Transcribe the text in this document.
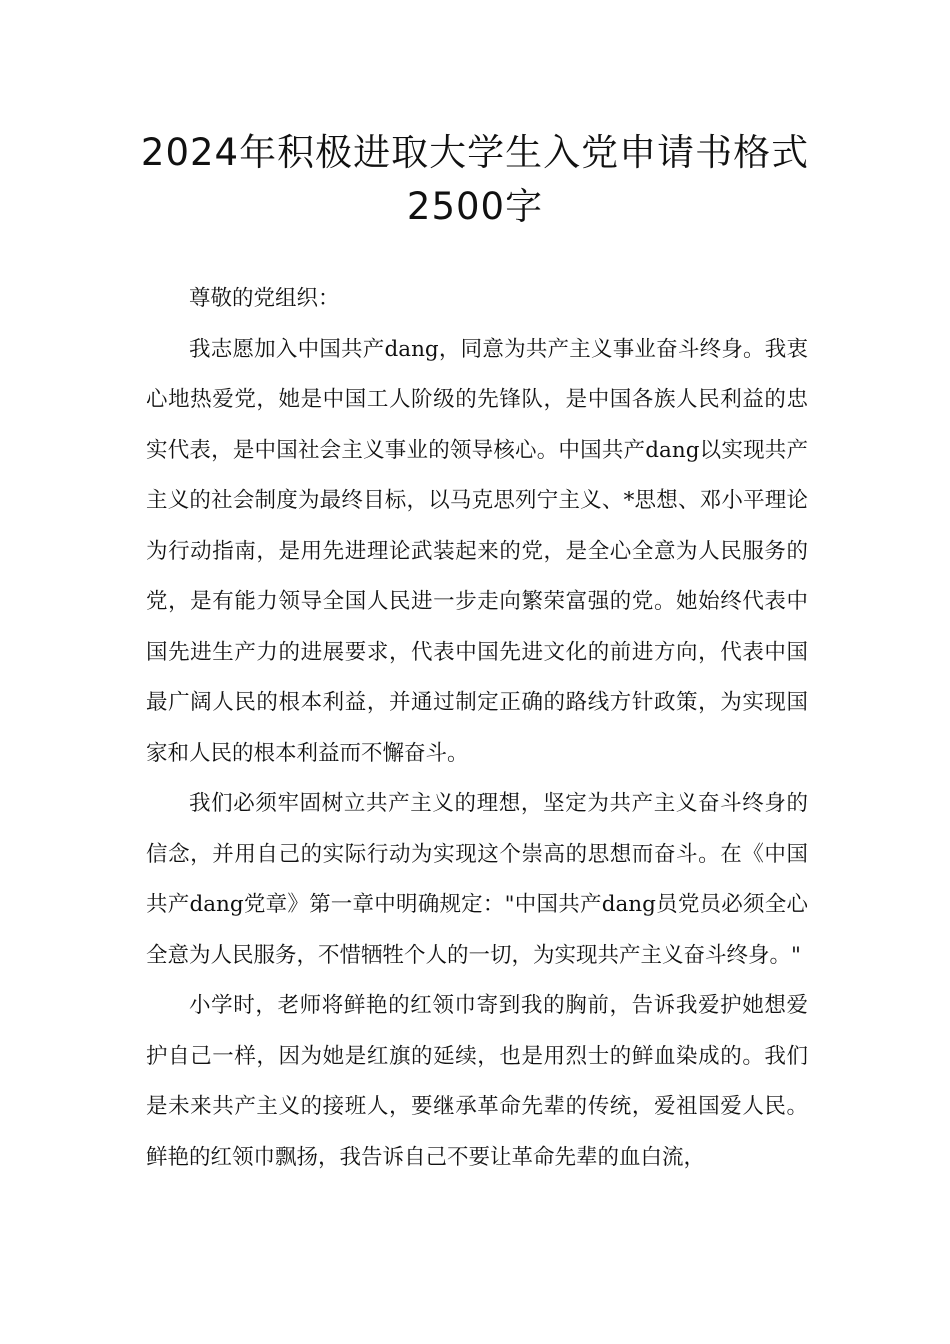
2024年积极进取大学生入党申请书格式
2500字

尊敬的党组织：

我志愿加入中国共产dang，同意为共产主义事业奋斗终身。我衷心地热爱党，她是中国工人阶级的先锋队，是中国各族人民利益的忠实代表，是中国社会主义事业的领导核心。中国共产dang以实现共产主义的社会制度为最终目标，以马克思列宁主义、*思想、邓小平理论为行动指南，是用先进理论武装起来的党，是全心全意为人民服务的党，是有能力领导全国人民进一步走向繁荣富强的党。她始终代表中国先进生产力的进展要求，代表中国先进文化的前进方向，代表中国最广阔人民的根本利益，并通过制定正确的路线方针政策，为实现国家和人民的根本利益而不懈奋斗。

我们必须牢固树立共产主义的理想，坚定为共产主义奋斗终身的信念，并用自己的实际行动为实现这个崇高的思想而奋斗。在《中国共产dang党章》第一章中明确规定："中国共产dang员党员必须全心全意为人民服务，不惜牺牲个人的一切，为实现共产主义奋斗终身。"

小学时，老师将鲜艳的红领巾寄到我的胸前，告诉我爱护她想爱护自己一样，因为她是红旗的延续，也是用烈士的鲜血染成的。我们是未来共产主义的接班人，要继承革命先辈的传统，爱祖国爱人民。鲜艳的红领巾飘扬，我告诉自己不要让革命先辈的血白流，
